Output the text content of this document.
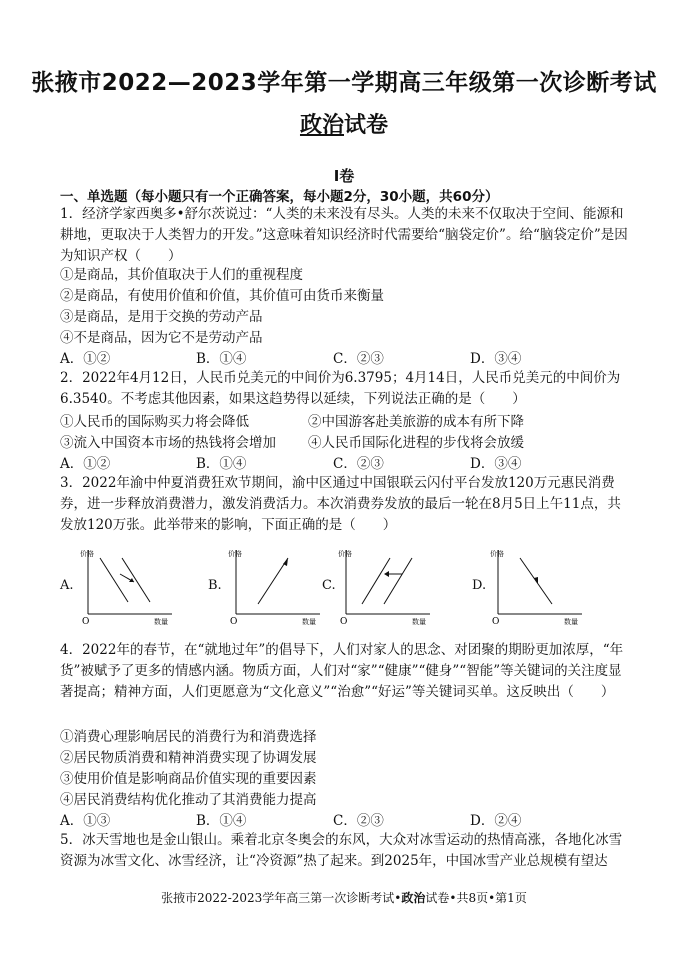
张掖市2022—2023学年第一学期高三年级第一次诊断考试
政治试卷
I卷
一、单选题（每小题只有一个正确答案，每小题2分，30小题，共60分）

1．经济学家西奥多•舒尔茨说过：“人类的未来没有尽头。人类的未来不仅取决于空间、能源和耕地，更取决于人类智力的开发。”这意味着知识经济时代需要给“脑袋定价”。给“脑袋定价”是因为知识产权（　　）

①是商品，其价值取决于人们的重视程度
②是商品，有使用价值和价值，其价值可由货币来衡量
③是商品，是用于交换的劳动产品
④不是商品，因为它不是劳动产品
A．①②	B．①④	C．②③	D．③④

2．2022年4月12日，人民币兑美元的中间价为6.3795；4月14日，人民币兑美元的中间价为6.3540。不考虑其他因素，如果这趋势得以延续，下列说法正确的是（　　）

①人民币的国际购买力将会降低	②中国游客赴美旅游的成本有所下降
③流入中国资本市场的热钱将会增加 ④人民币国际化进程的步伐将会放缓
A．①②	B．①④	C．②③	D．③④

3．2022年渝中仲夏消费狂欢节期间，渝中区通过中国银联云闪付平台发放120万元惠民消费券，进一步释放消费潜力，激发消费活力。本次消费券发放的最后一轮在8月5日上午11点，共发放120万张。此举带来的影响，下面正确的是（　　）

A.
价格
O	数量
B.
价格
O	数量
C.
价格
O	数量
D.
价格
O	数量

4．2022年的春节，在“就地过年”的倡导下，人们对家人的思念、对团聚的期盼更加浓厚，“年货”被赋予了更多的情感内涵。物质方面，人们对“家”“健康”“健身”“智能”等关键词的关注度显著提高；精神方面，人们更愿意为“文化意义”“治愈”“好运”等关键词买单。这反映出（　　）

①消费心理影响居民的消费行为和消费选择
②居民物质消费和精神消费实现了协调发展
③使用价值是影响商品价值实现的重要因素
④居民消费结构优化推动了其消费能力提高
A．①③	B．①④	C．②③	D．②④

5．冰天雪地也是金山银山。乘着北京冬奥会的东风，大众对冰雪运动的热情高涨，各地化冰雪资源为冰雪文化、冰雪经济，让“冷资源”热了起来。到2025年，中国冰雪产业总规模有望达

张掖市2022-2023学年高三第一次诊断考试•政治试卷•共8页•第1页
